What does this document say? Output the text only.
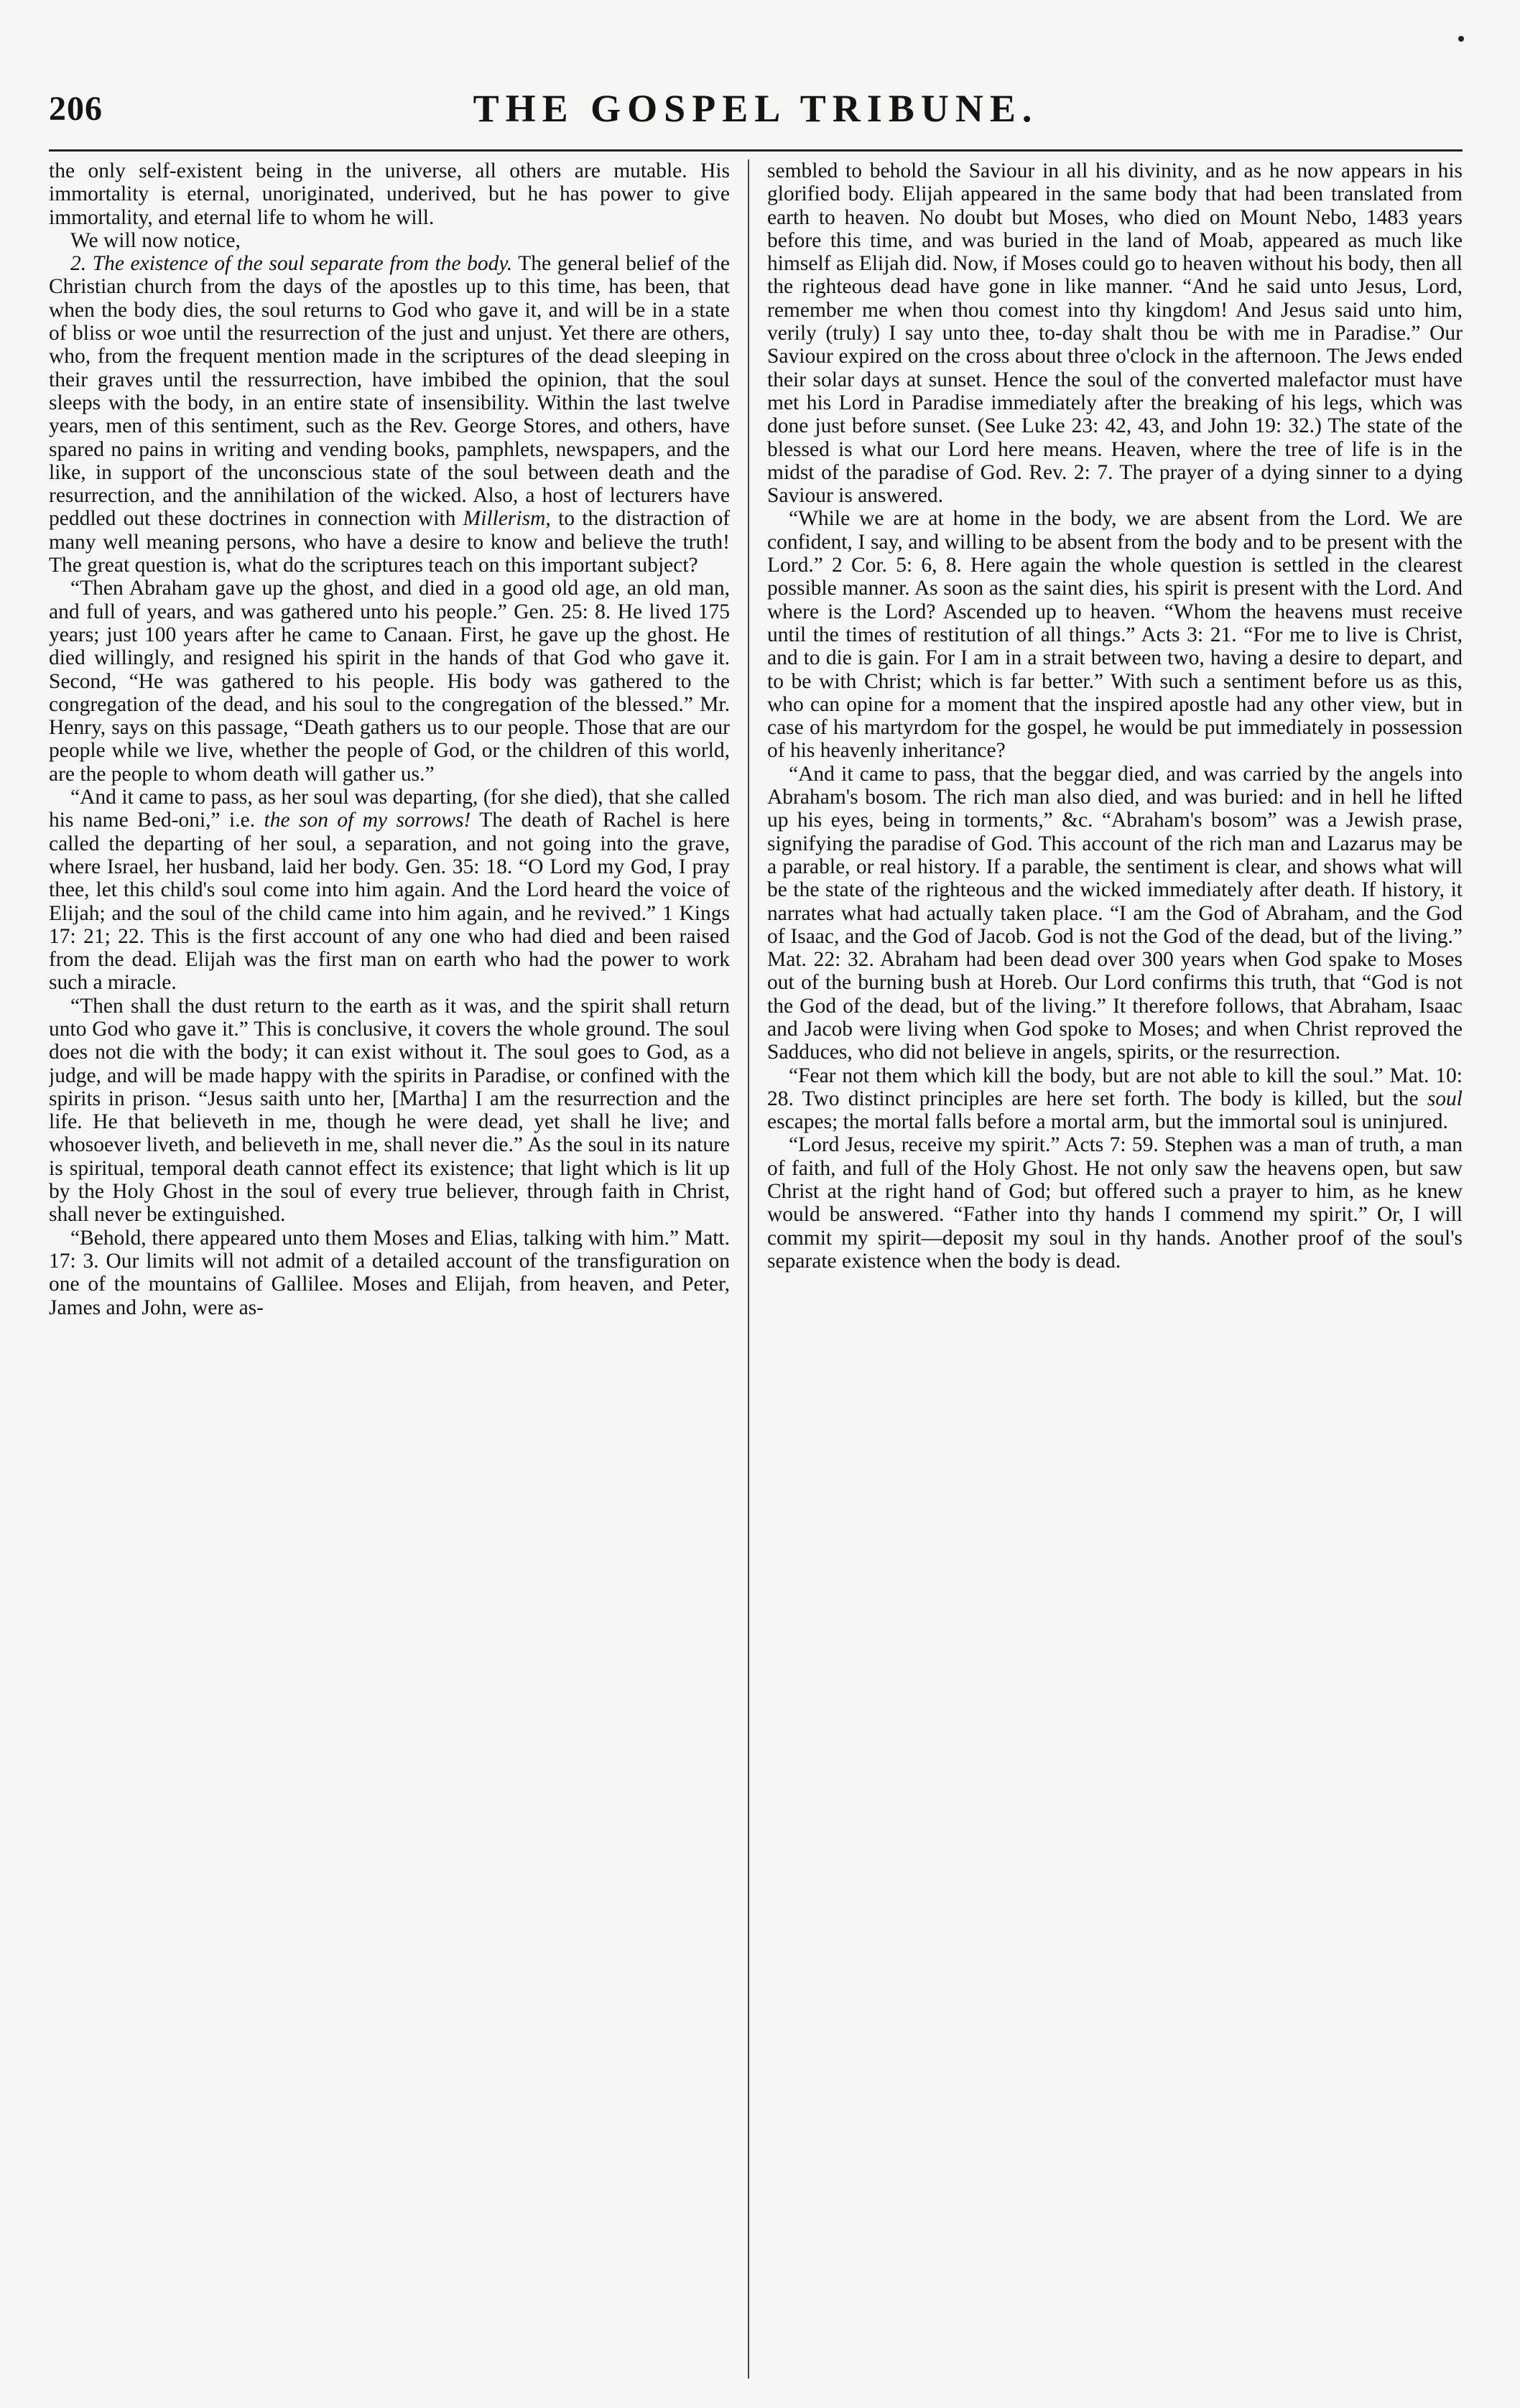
206	THE GOSPEL TRIBUNE.

the only self-existent being in the universe, all others are mutable. His immortality is eternal, unoriginated, underived, but he has power to give immortality, and eternal life to whom he will.

We will now notice,

2. The existence of the soul separate from the body. The general belief of the Christian church from the days of the apostles up to this time, has been, that when the body dies, the soul returns to God who gave it, and will be in a state of bliss or woe until the resurrection of the just and unjust. Yet there are others, who, from the frequent mention made in the scriptures of the dead sleeping in their graves until the ressurrection, have imbibed the opinion, that the soul sleeps with the body, in an entire state of insensibility. Within the last twelve years, men of this sentiment, such as the Rev. George Stores, and others, have spared no pains in writing and vending books, pamphlets, newspapers, and the like, in support of the unconscious state of the soul between death and the resurrection, and the annihilation of the wicked. Also, a host of lecturers have peddled out these doctrines in connection with Millerism, to the distraction of many well meaning persons, who have a desire to know and believe the truth! The great question is, what do the scriptures teach on this important subject?

“Then Abraham gave up the ghost, and died in a good old age, an old man, and full of years, and was gathered unto his people.” Gen. 25: 8. He lived 175 years; just 100 years after he came to Canaan. First, he gave up the ghost. He died willingly, and resigned his spirit in the hands of that God who gave it. Second, “He was gathered to his people. His body was gathered to the congregation of the dead, and his soul to the congregation of the blessed.” Mr. Henry, says on this passage, “Death gathers us to our people. Those that are our people while we live, whether the people of God, or the children of this world, are the people to whom death will gather us.”

“And it came to pass, as her soul was departing, (for she died), that she called his name Bed-oni,” i.e. the son of my sorrows! The death of Rachel is here called the departing of her soul, a separation, and not going into the grave, where Israel, her husband, laid her body. Gen. 35: 18. “O Lord my God, I pray thee, let this child's soul come into him again. And the Lord heard the voice of Elijah; and the soul of the child came into him again, and he revived.” 1 Kings 17: 21; 22. This is the first account of any one who had died and been raised from the dead. Elijah was the first man on earth who had the power to work such a miracle.

“Then shall the dust return to the earth as it was, and the spirit shall return unto God who gave it.” This is conclusive, it covers the whole ground. The soul does not die with the body; it can exist without it. The soul goes to God, as a judge, and will be made happy with the spirits in Paradise, or confined with the spirits in prison. “Jesus saith unto her, [Martha] I am the resurrection and the life. He that believeth in me, though he were dead, yet shall he live; and whosoever liveth, and believeth in me, shall never die.” As the soul in its nature is spiritual, temporal death cannot effect its existence; that light which is lit up by the Holy Ghost in the soul of every true believer, through faith in Christ, shall never be extinguished.

“Behold, there appeared unto them Moses and Elias, talking with him.” Matt. 17: 3. Our limits will not admit of a detailed account of the transfiguration on one of the mountains of Gallilee. Moses and Elijah, from heaven, and Peter, James and John, were as-

sembled to behold the Saviour in all his divinity, and as he now appears in his glorified body. Elijah appeared in the same body that had been translated from earth to heaven. No doubt but Moses, who died on Mount Nebo, 1483 years before this time, and was buried in the land of Moab, appeared as much like himself as Elijah did. Now, if Moses could go to heaven without his body, then all the righteous dead have gone in like manner. “And he said unto Jesus, Lord, remember me when thou comest into thy kingdom! And Jesus said unto him, verily (truly) I say unto thee, to-day shalt thou be with me in Paradise.” Our Saviour expired on the cross about three o'clock in the afternoon. The Jews ended their solar days at sunset. Hence the soul of the converted malefactor must have met his Lord in Paradise immediately after the breaking of his legs, which was done just before sunset. (See Luke 23: 42, 43, and John 19: 32.) The state of the blessed is what our Lord here means. Heaven, where the tree of life is in the midst of the paradise of God. Rev. 2: 7. The prayer of a dying sinner to a dying Saviour is answered.

“While we are at home in the body, we are absent from the Lord. We are confident, I say, and willing to be absent from the body and to be present with the Lord.” 2 Cor. 5: 6, 8. Here again the whole question is settled in the clearest possible manner. As soon as the saint dies, his spirit is present with the Lord. And where is the Lord? Ascended up to heaven. “Whom the heavens must receive until the times of restitution of all things.” Acts 3: 21. “For me to live is Christ, and to die is gain. For I am in a strait between two, having a desire to depart, and to be with Christ; which is far better.” With such a sentiment before us as this, who can opine for a moment that the inspired apostle had any other view, but in case of his martyrdom for the gospel, he would be put immediately in possession of his heavenly inheritance?

“And it came to pass, that the beggar died, and was carried by the angels into Abraham's bosom. The rich man also died, and was buried: and in hell he lifted up his eyes, being in torments,” &c. “Abraham's bosom” was a Jewish prase, signifying the paradise of God. This account of the rich man and Lazarus may be a parable, or real history. If a parable, the sentiment is clear, and shows what will be the state of the righteous and the wicked immediately after death. If history, it narrates what had actually taken place. “I am the God of Abraham, and the God of Isaac, and the God of Jacob. God is not the God of the dead, but of the living.” Mat. 22: 32. Abraham had been dead over 300 years when God spake to Moses out of the burning bush at Horeb. Our Lord confirms this truth, that “God is not the God of the dead, but of the living.” It therefore follows, that Abraham, Isaac and Jacob were living when God spoke to Moses; and when Christ reproved the Sadduces, who did not believe in angels, spirits, or the resurrection.

“Fear not them which kill the body, but are not able to kill the soul.” Mat. 10: 28. Two distinct principles are here set forth. The body is killed, but the soul escapes; the mortal falls before a mortal arm, but the immortal soul is uninjured.

“Lord Jesus, receive my spirit.” Acts 7: 59. Stephen was a man of truth, a man of faith, and full of the Holy Ghost. He not only saw the heavens open, but saw Christ at the right hand of God; but offered such a prayer to him, as he knew would be answered. “Father into thy hands I commend my spirit.” Or, I will commit my spirit—deposit my soul in thy hands. Another proof of the soul's separate existence when the body is dead.
